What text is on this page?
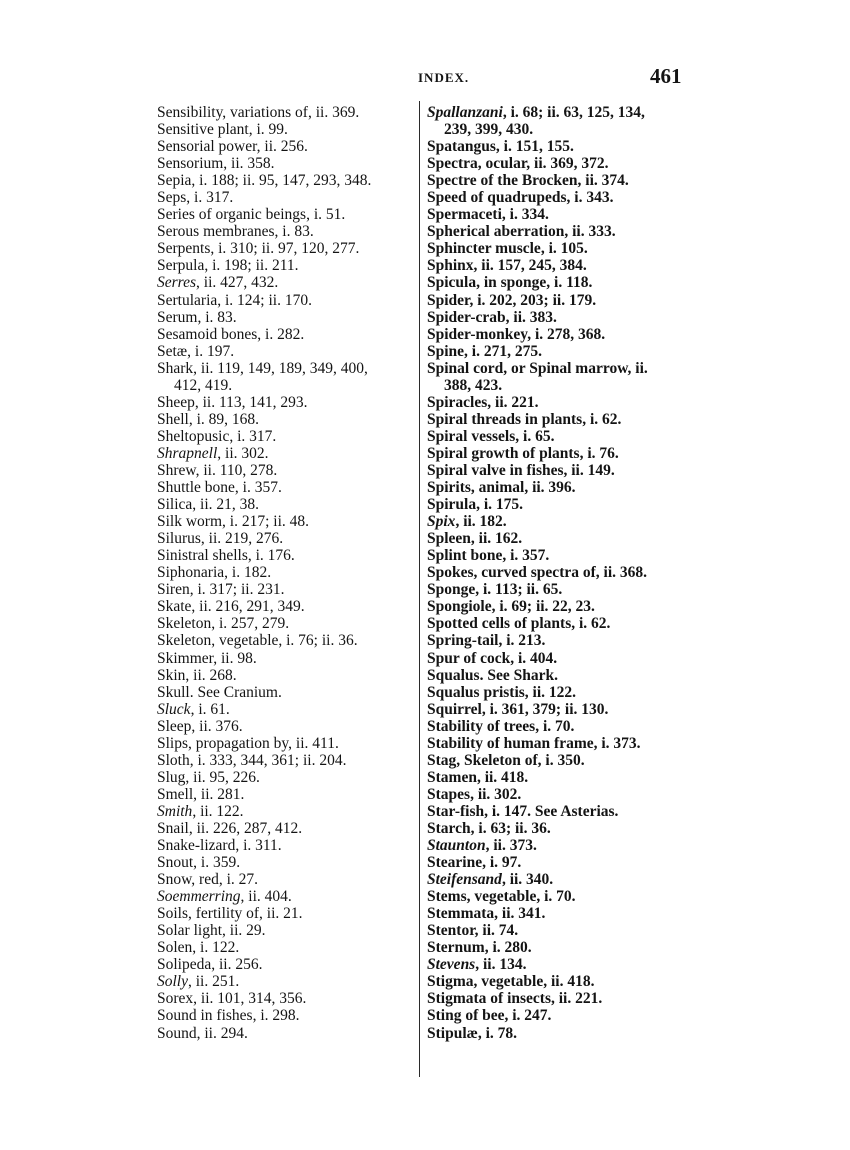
INDEX.	461
Sensibility, variations of, ii. 369.
Sensitive plant, i. 99.
Sensorial power, ii. 256.
Sensorium, ii. 358.
Sepia, i. 188; ii. 95, 147, 293, 348.
Seps, i. 317.
Series of organic beings, i. 51.
Serous membranes, i. 83.
Serpents, i. 310; ii. 97, 120, 277.
Serpula, i. 198; ii. 211.
Serres, ii. 427, 432.
Sertularia, i. 124; ii. 170.
Serum, i. 83.
Sesamoid bones, i. 282.
Setæ, i. 197.
Shark, ii. 119, 149, 189, 349, 400,
412, 419.
Sheep, ii. 113, 141, 293.
Shell, i. 89, 168.
Sheltopusic, i. 317.
Shrapnell, ii. 302.
Shrew, ii. 110, 278.
Shuttle bone, i. 357.
Silica, ii. 21, 38.
Silk worm, i. 217; ii. 48.
Silurus, ii. 219, 276.
Sinistral shells, i. 176.
Siphonaria, i. 182.
Siren, i. 317; ii. 231.
Skate, ii. 216, 291, 349.
Skeleton, i. 257, 279.
Skeleton, vegetable, i. 76; ii. 36.
Skimmer, ii. 98.
Skin, ii. 268.
Skull. See Cranium.
Sluck, i. 61.
Sleep, ii. 376.
Slips, propagation by, ii. 411.
Sloth, i. 333, 344, 361; ii. 204.
Slug, ii. 95, 226.
Smell, ii. 281.
Smith, ii. 122.
Snail, ii. 226, 287, 412.
Snake-lizard, i. 311.
Snout, i. 359.
Snow, red, i. 27.
Soemmerring, ii. 404.
Soils, fertility of, ii. 21.
Solar light, ii. 29.
Solen, i. 122.
Solipeda, ii. 256.
Solly, ii. 251.
Sorex, ii. 101, 314, 356.
Sound in fishes, i. 298.
Sound, ii. 294.
Spallanzani, i. 68; ii. 63, 125, 134,
239, 399, 430.
Spatangus, i. 151, 155.
Spectra, ocular, ii. 369, 372.
Spectre of the Brocken, ii. 374.
Speed of quadrupeds, i. 343.
Spermaceti, i. 334.
Spherical aberration, ii. 333.
Sphincter muscle, i. 105.
Sphinx, ii. 157, 245, 384.
Spicula, in sponge, i. 118.
Spider, i. 202, 203; ii. 179.
Spider-crab, ii. 383.
Spider-monkey, i. 278, 368.
Spine, i. 271, 275.
Spinal cord, or Spinal marrow, ii.
388, 423.
Spiracles, ii. 221.
Spiral threads in plants, i. 62.
Spiral vessels, i. 65.
Spiral growth of plants, i. 76.
Spiral valve in fishes, ii. 149.
Spirits, animal, ii. 396.
Spirula, i. 175.
Spix, ii. 182.
Spleen, ii. 162.
Splint bone, i. 357.
Spokes, curved spectra of, ii. 368.
Sponge, i. 113; ii. 65.
Spongiole, i. 69; ii. 22, 23.
Spotted cells of plants, i. 62.
Spring-tail, i. 213.
Spur of cock, i. 404.
Squalus. See Shark.
Squalus pristis, ii. 122.
Squirrel, i. 361, 379; ii. 130.
Stability of trees, i. 70.
Stability of human frame, i. 373.
Stag, Skeleton of, i. 350.
Stamen, ii. 418.
Stapes, ii. 302.
Star-fish, i. 147. See Asterias.
Starch, i. 63; ii. 36.
Staunton, ii. 373.
Stearine, i. 97.
Steifensand, ii. 340.
Stems, vegetable, i. 70.
Stemmata, ii. 341.
Stentor, ii. 74.
Sternum, i. 280.
Stevens, ii. 134.
Stigma, vegetable, ii. 418.
Stigmata of insects, ii. 221.
Sting of bee, i. 247.
Stipulæ, i. 78.
